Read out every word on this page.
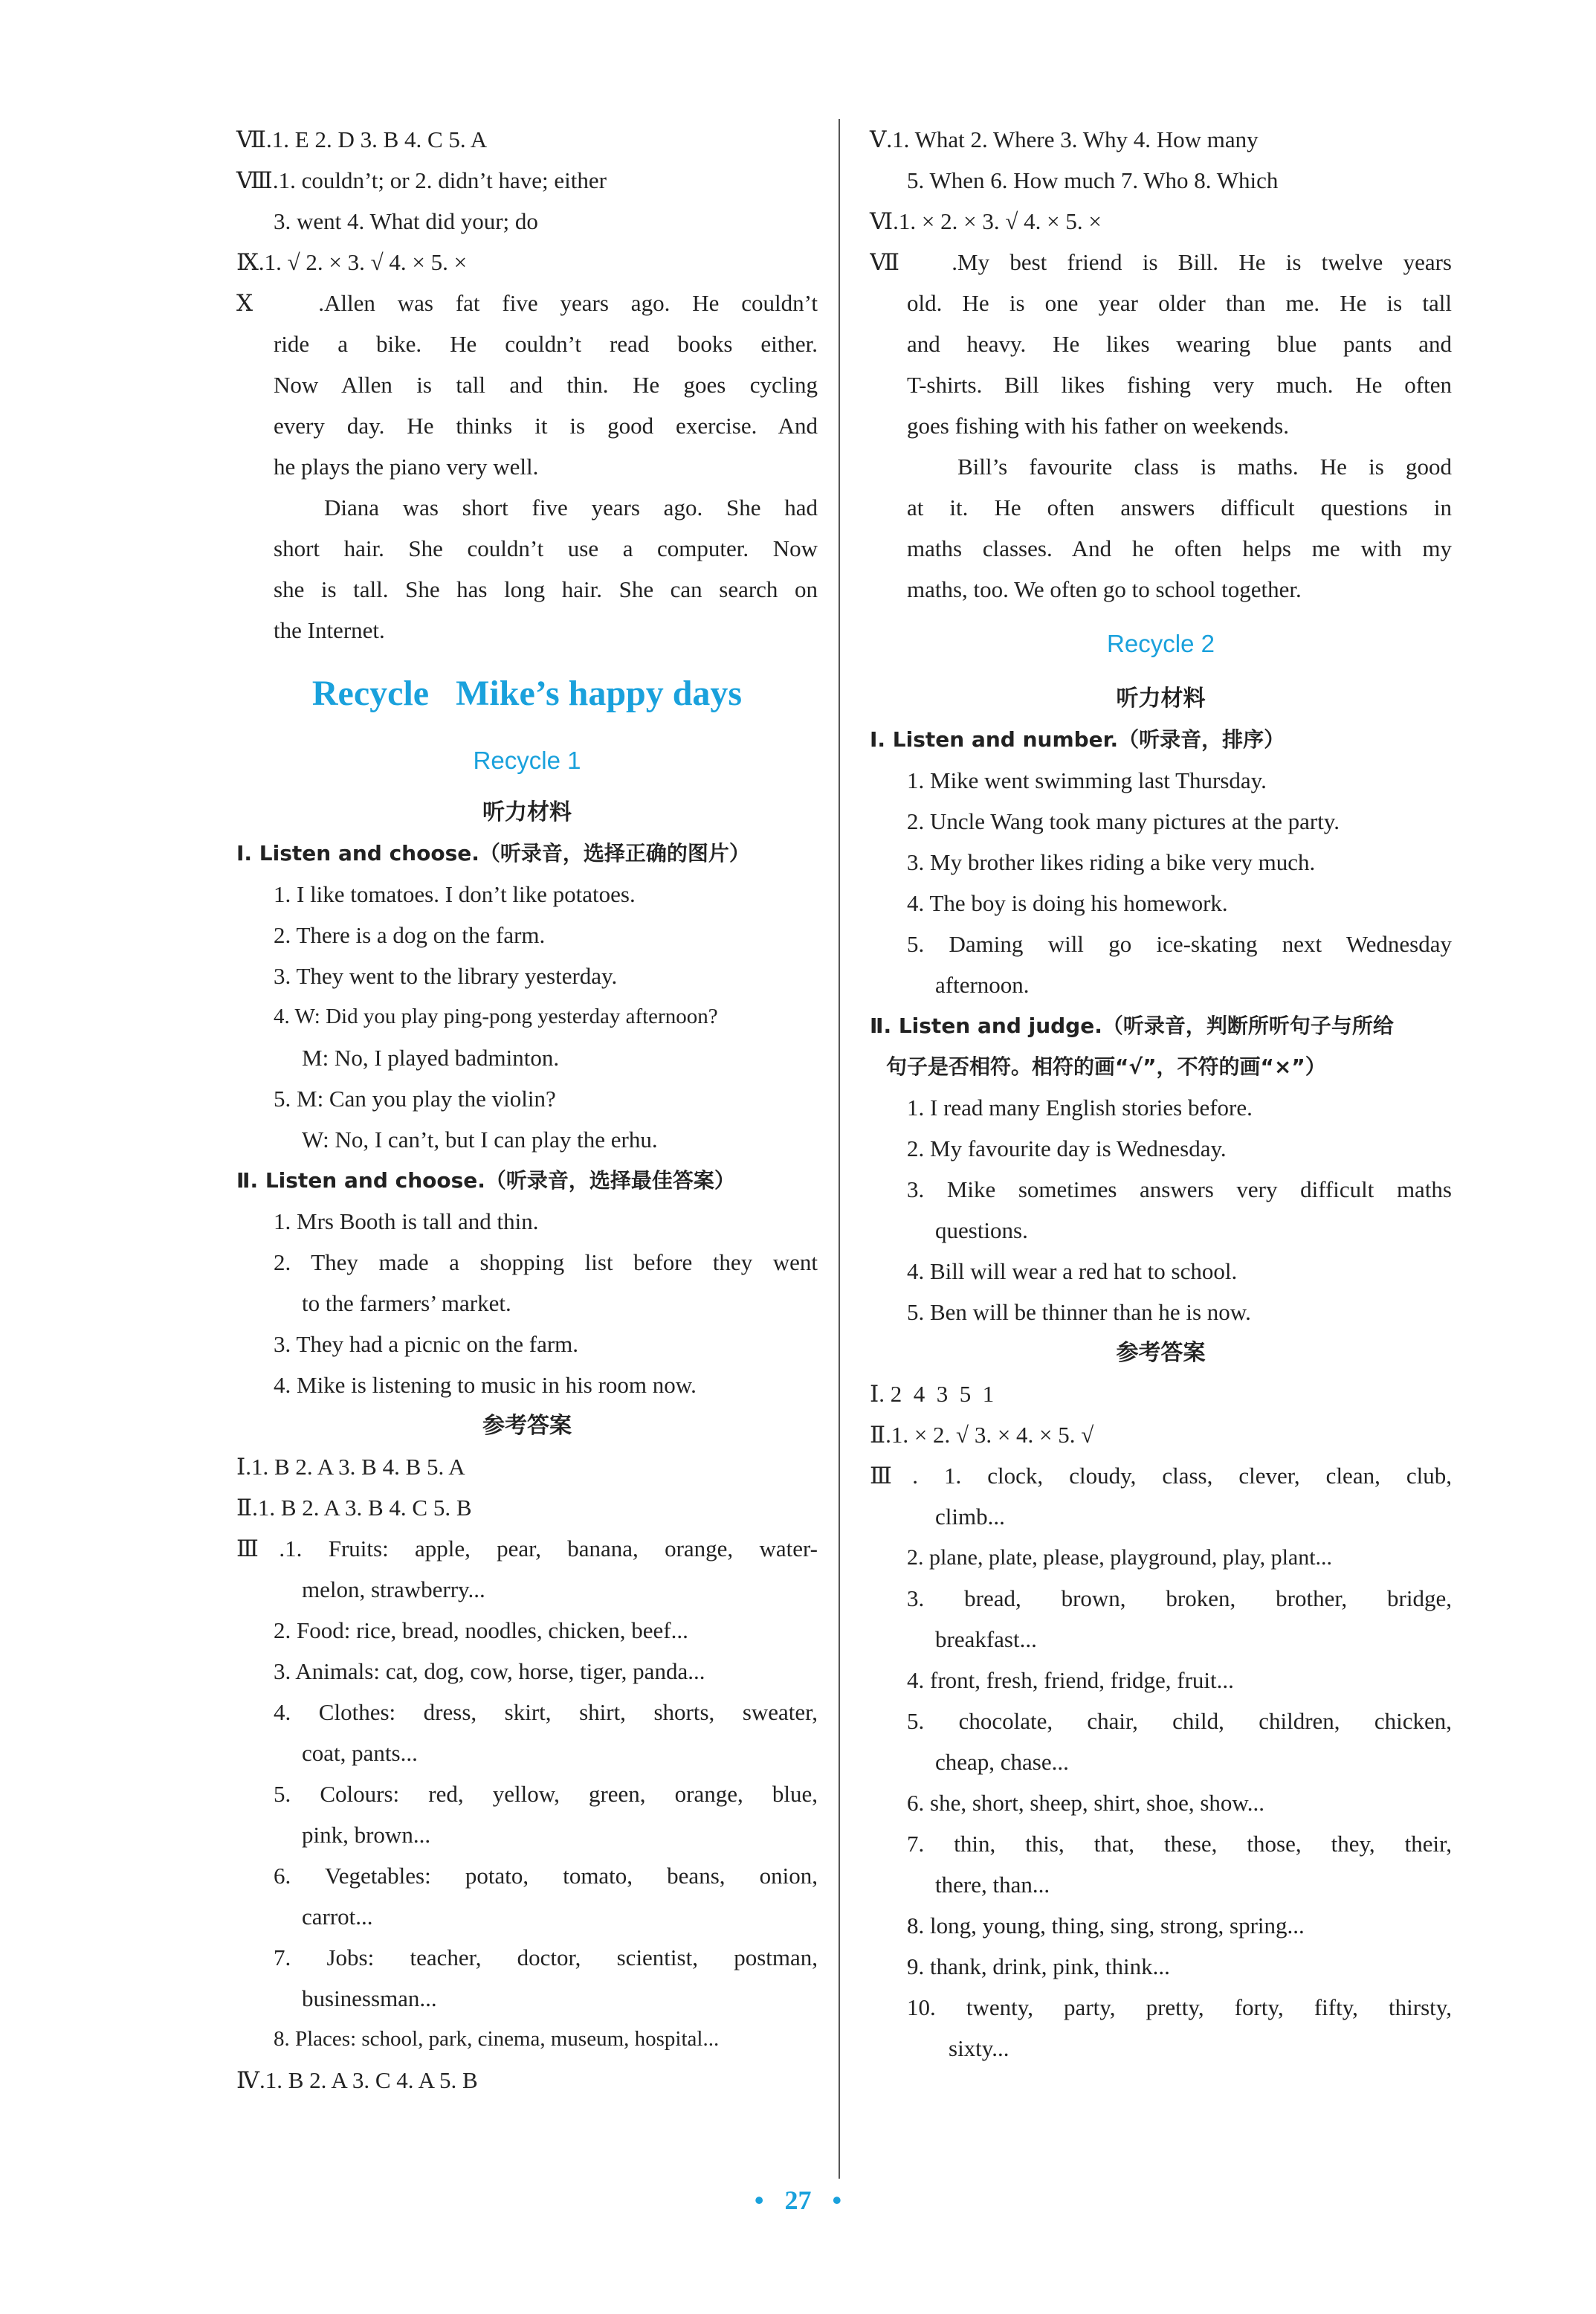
Ⅶ.1. E 2. D 3. B 4. C 5. A
Ⅷ.1. couldn’t; or 2. didn’t have; either
3. went 4. What did your; do
Ⅸ.1. √ 2. × 3. √ 4. × 5. ×
Ⅹ.Allen was fat five years ago. He couldn’t
ride a bike. He couldn’t read books either.
Now Allen is tall and thin. He goes cycling
every day. He thinks it is good exercise. And
he plays the piano very well.
Diana was short five years ago. She had
short hair. She couldn’t use a computer. Now
she is tall. She has long hair. She can search on
the Internet.
Recycle   Mike’s happy days
Recycle 1
听力材料
Ⅰ. Listen and choose.（听录音，选择正确的图片）
1. I like tomatoes. I don’t like potatoes.
2. There is a dog on the farm.
3. They went to the library yesterday.
4. W: Did you play ping-pong yesterday afternoon?
M: No, I played badminton.
5. M: Can you play the violin?
W: No, I can’t, but I can play the erhu.
Ⅱ. Listen and choose.（听录音，选择最佳答案）
1. Mrs Booth is tall and thin.
2. They made a shopping list before they went
to the farmers’ market.
3. They had a picnic on the farm.
4. Mike is listening to music in his room now.
参考答案
Ⅰ.1. B 2. A 3. B 4. B 5. A
Ⅱ.1. B 2. A 3. B 4. C 5. B
Ⅲ.1. Fruits: apple, pear, banana, orange, water-
melon, strawberry...
2. Food: rice, bread, noodles, chicken, beef...
3. Animals: cat, dog, cow, horse, tiger, panda...
4. Clothes: dress, skirt, shirt, shorts, sweater,
coat, pants...
5. Colours: red, yellow, green, orange, blue,
pink, brown...
6. Vegetables: potato, tomato, beans, onion,
carrot...
7. Jobs: teacher, doctor, scientist, postman,
businessman...
8. Places: school, park, cinema, museum, hospital...
Ⅳ.1. B 2. A 3. C 4. A 5. B
Ⅴ.1. What 2. Where 3. Why 4. How many
5. When 6. How much 7. Who 8. Which
Ⅵ.1. × 2. × 3. √ 4. × 5. ×
Ⅶ.My best friend is Bill. He is twelve years
old. He is one year older than me. He is tall
and heavy. He likes wearing blue pants and
T-shirts. Bill likes fishing very much. He often
goes fishing with his father on weekends.
Bill’s favourite class is maths. He is good
at it. He often answers difficult questions in
maths classes. And he often helps me with my
maths, too. We often go to school together.
Recycle 2
听力材料
Ⅰ. Listen and number.（听录音，排序）
1. Mike went swimming last Thursday.
2. Uncle Wang took many pictures at the party.
3. My brother likes riding a bike very much.
4. The boy is doing his homework.
5. Daming will go ice-skating next Wednesday
afternoon.
Ⅱ. Listen and judge.（听录音，判断所听句子与所给
句子是否相符。相符的画“√”，不符的画“×”）
1. I read many English stories before.
2. My favourite day is Wednesday.
3. Mike sometimes answers very difficult maths
questions.
4. Bill will wear a red hat to school.
5. Ben will be thinner than he is now.
参考答案
Ⅰ. 2  4  3  5  1
Ⅱ.1. × 2. √ 3. × 4. × 5. √
Ⅲ. 1. clock, cloudy, class, clever, clean, club,
climb...
2. plane, plate, please, playground, play, plant...
3. bread, brown, broken, brother, bridge,
breakfast...
4. front, fresh, friend, fridge, fruit...
5. chocolate, chair, child, children, chicken,
cheap, chase...
6. she, short, sheep, shirt, shoe, show...
7. thin, this, that, these, those, they, their,
there, than...
8. long, young, thing, sing, strong, spring...
9. thank, drink, pink, think...
10. twenty, party, pretty, forty, fifty, thirsty,
sixty...
• 27 •
